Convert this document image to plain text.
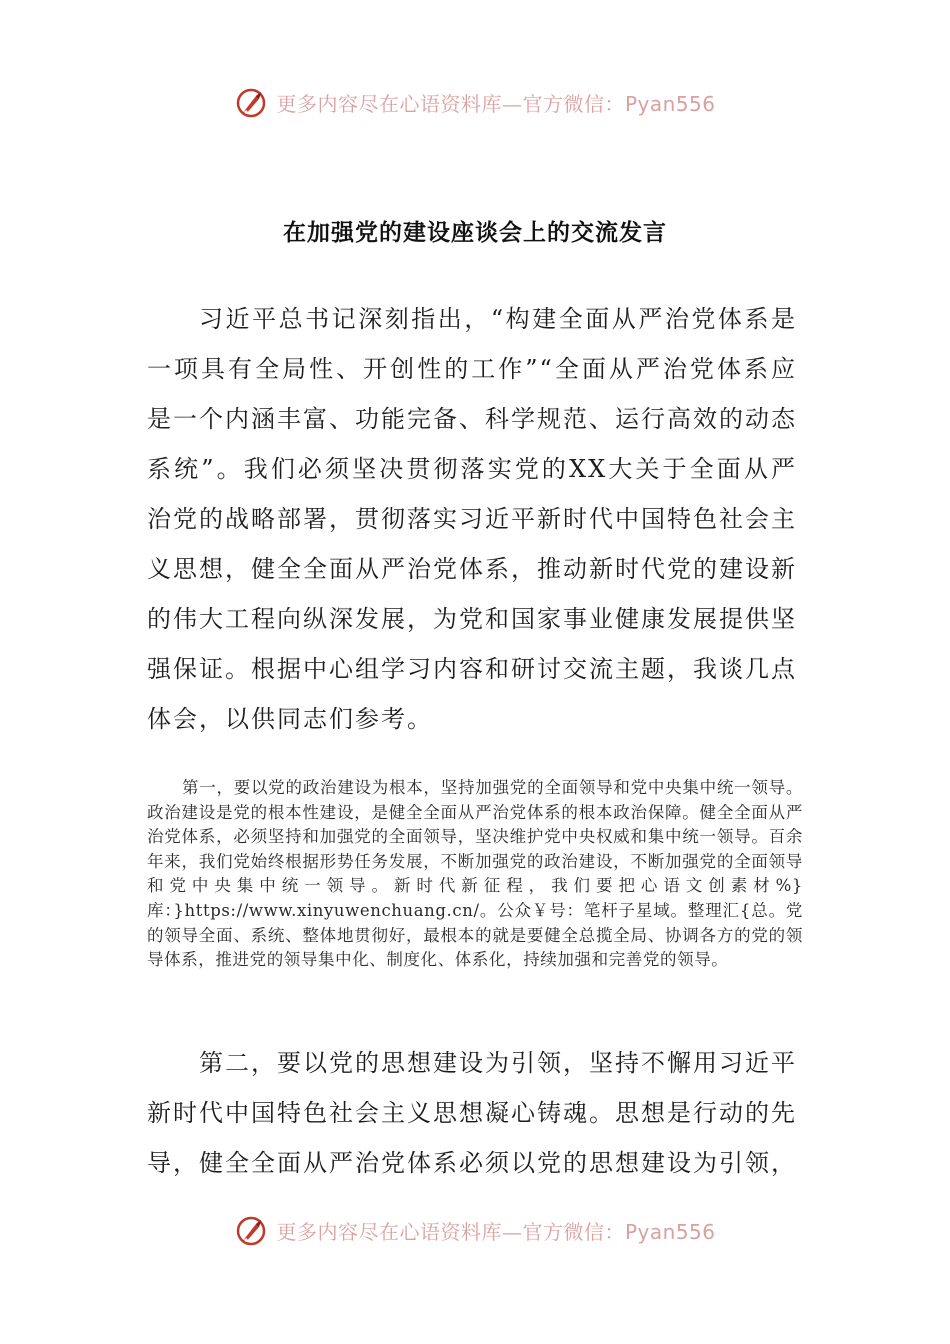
更多内容尽在心语资料库—官方微信：Pyan556
在加强党的建设座谈会上的交流发言

习近平总书记深刻指出，“构建全面从严治党体系是一项具有全局性、开创性的工作”“全面从严治党体系应是一个内涵丰富、功能完备、科学规范、运行高效的动态系统”。我们必须坚决贯彻落实党的XX大关于全面从严治党的战略部署，贯彻落实习近平新时代中国特色社会主义思想，健全全面从严治党体系，推动新时代党的建设新的伟大工程向纵深发展，为党和国家事业健康发展提供坚强保证。根据中心组学习内容和研讨交流主题，我谈几点体会，以供同志们参考。

第一，要以党的政治建设为根本，坚持加强党的全面领导和党中央集中统一领导。政治建设是党的根本性建设，是健全全面从严治党体系的根本政治保障。健全全面从严治党体系，必须坚持和加强党的全面领导，坚决维护党中央权威和集中统一领导。百余年来，我们党始终根据形势任务发展，不断加强党的政治建设，不断加强党的全面领导和党中央集中统一领导。新时代新征程，我们要把心语文创素材%}库：}https://www.xinyuwenchuang.cn/。公众￥号：笔杆子星域。整理汇{总。党的领导全面、系统、整体地贯彻好，最根本的就是要健全总揽全局、协调各方的党的领导体系，推进党的领导集中化、制度化、体系化，持续加强和完善党的领导。

第二，要以党的思想建设为引领，坚持不懈用习近平新时代中国特色社会主义思想凝心铸魂。思想是行动的先导，健全全面从严治党体系必须以党的思想建设为引领，

更多内容尽在心语资料库—官方微信：Pyan556
